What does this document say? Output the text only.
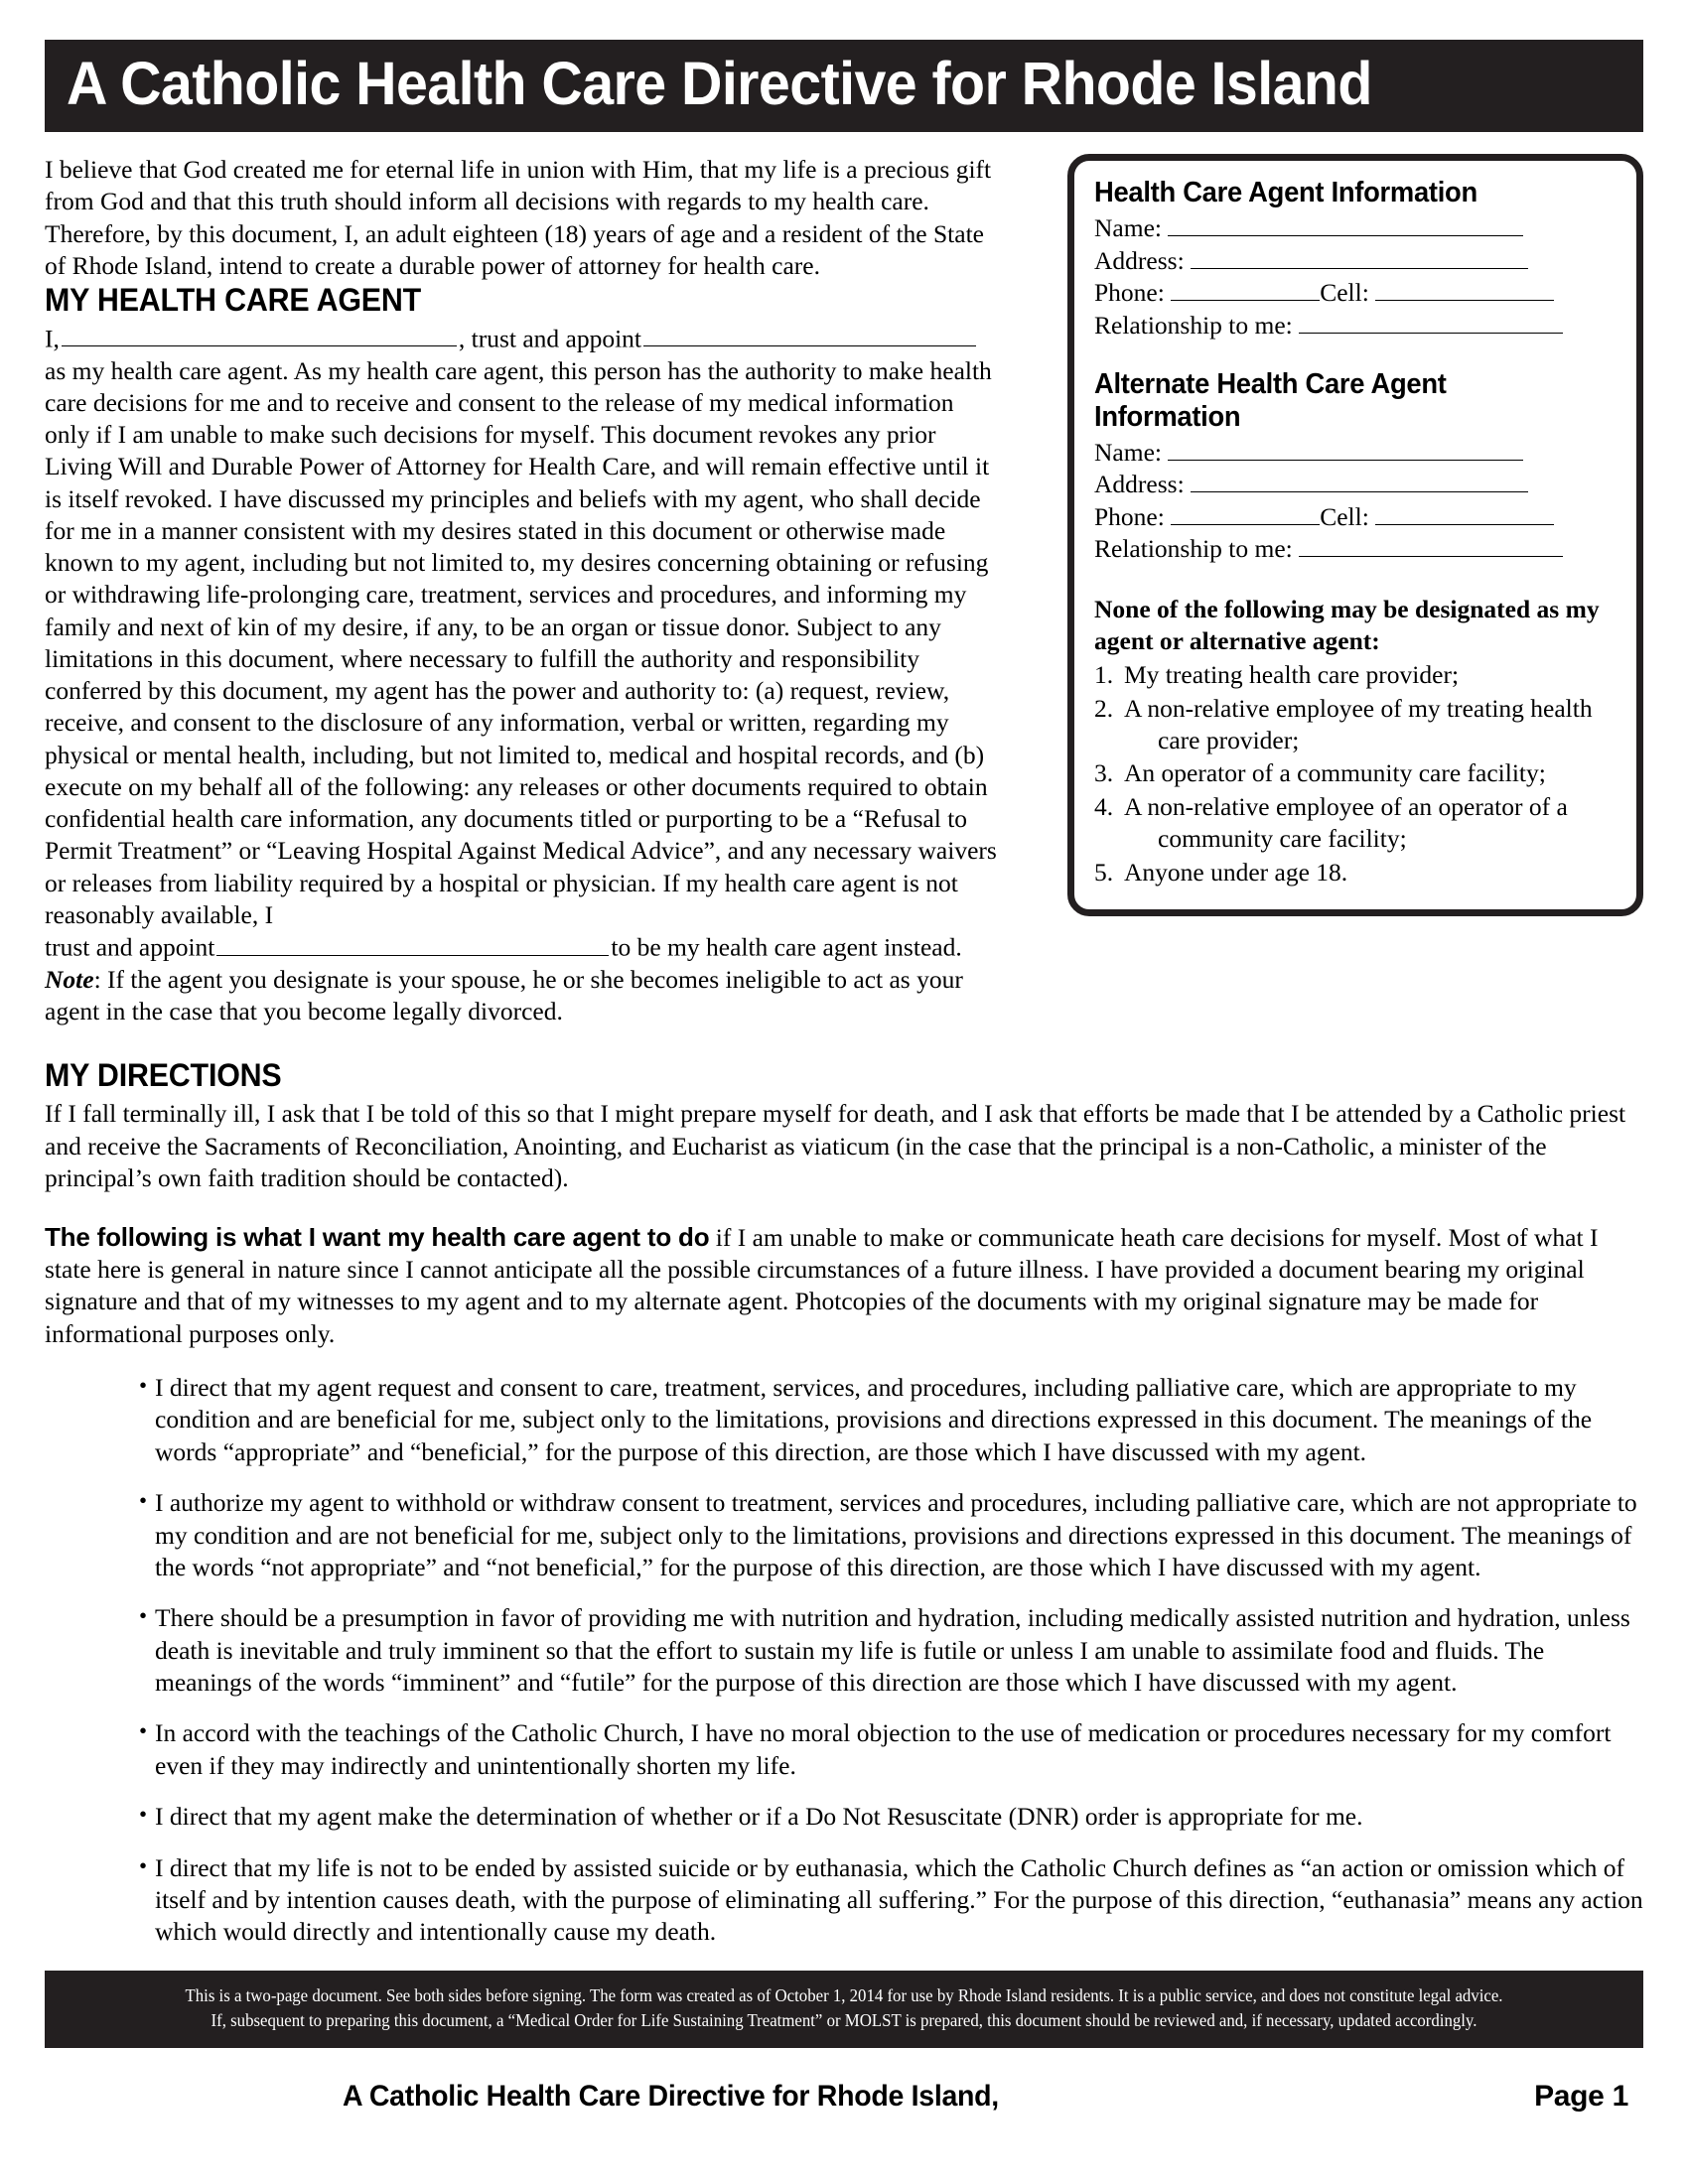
A Catholic Health Care Directive for Rhode Island

I believe that God created me for eternal life in union with Him, that my life is a precious gift from God and that this truth should inform all decisions with regards to my health care. Therefore, by this document, I, an adult eighteen (18) years of age and a resident of the State of Rhode Island, intend to create a durable power of attorney for health care.

MY HEALTH CARE AGENT

I,	, trust and appoint

as my health care agent. As my health care agent, this person has the authority to make health care decisions for me and to receive and consent to the release of my medical information only if I am unable to make such decisions for myself. This document revokes any prior Living Will and Durable Power of Attorney for Health Care, and will remain effective until it is itself revoked. I have discussed my principles and beliefs with my agent, who shall decide for me in a manner consistent with my desires stated in this document or otherwise made known to my agent, including but not limited to, my desires concerning obtaining or refusing or withdrawing life-prolonging care, treatment, services and procedures, and informing my family and next of kin of my desire, if any, to be an organ or tissue donor. Subject to any limitations in this document, where necessary to fulfill the authority and responsibility conferred by this document, my agent has the power and authority to: (a) request, review, receive, and consent to the disclosure of any information, verbal or written, regarding my physical or mental health, including, but not limited to, medical and hospital records, and (b) execute on my behalf all of the following: any releases or other documents required to obtain confidential health care information, any documents titled or purporting to be a “Refusal to Permit Treatment” or “Leaving Hospital Against Medical Advice”, and any necessary waivers or releases from liability required by a hospital or physician. If my health care agent is not reasonably available, I

trust and appoint	to be my health care agent instead.

Note: If the agent you designate is your spouse, he or she becomes ineligible to act as your agent in the case that you become legally divorced.

Health Care Agent Information

Name:

Address:

Phone:	Cell:

Relationship to me:

Alternate Health Care Agent Information

Name:

Address:

Phone:	Cell:

Relationship to me:

None of the following may be designated as my agent or alternative agent:

1. My treating health care provider;
2. A non-relative employee of my treating health
care provider;
3. An operator of a community care facility;
4. A non-relative employee of an operator of a
community care facility;
5. Anyone under age 18.
MY DIRECTIONS

If I fall terminally ill, I ask that I be told of this so that I might prepare myself for death, and I ask that efforts be made that I be attended by a Catholic priest and receive the Sacraments of Reconciliation, Anointing, and Eucharist as viaticum (in the case that the principal is a non-Catholic, a minister of the principal’s own faith tradition should be contacted).

The following is what I want my health care agent to do if I am unable to make or communicate heath care decisions for myself. Most of what I state here is general in nature since I cannot anticipate all the possible circumstances of a future illness. I have provided a document bearing my original signature and that of my witnesses to my agent and to my alternate agent. Photcopies of the documents with my original signature may be made for informational purposes only.

• I direct that my agent request and consent to care, treatment, services, and procedures, including palliative care, which are appropriate to my condition and are beneficial for me, subject only to the limitations, provisions and directions expressed in this document. The meanings of the words “appropriate” and “beneficial,” for the purpose of this direction, are those which I have discussed with my agent.
• I authorize my agent to withhold or withdraw consent to treatment, services and procedures, including palliative care, which are not appropriate to my condition and are not beneficial for me, subject only to the limitations, provisions and directions expressed in this document. The meanings of the words “not appropriate” and “not beneficial,” for the purpose of this direction, are those which I have discussed with my agent.
• There should be a presumption in favor of providing me with nutrition and hydration, including medically assisted nutrition and hydration, unless death is inevitable and truly imminent so that the effort to sustain my life is futile or unless I am unable to assimilate food and fluids. The meanings of the words “imminent” and “futile” for the purpose of this direction are those which I have discussed with my agent.
• In accord with the teachings of the Catholic Church, I have no moral objection to the use of medication or procedures necessary for my comfort even if they may indirectly and unintentionally shorten my life.
• I direct that my agent make the determination of whether or if a Do Not Resuscitate (DNR) order is appropriate for me.
• I direct that my life is not to be ended by assisted suicide or by euthanasia, which the Catholic Church defines as “an action or omission which of itself and by intention causes death, with the purpose of eliminating all suffering.” For the purpose of this direction, “euthanasia” means any action which would directly and intentionally cause my death.

This is a two-page document. See both sides before signing. The form was created as of October 1, 2014 for use by Rhode Island residents. It is a public service, and does not constitute legal advice.

If, subsequent to preparing this document, a “Medical Order for Life Sustaining Treatment” or MOLST is prepared, this document should be reviewed and, if necessary, updated accordingly.

A Catholic Health Care Directive for Rhode Island,	Page 1
